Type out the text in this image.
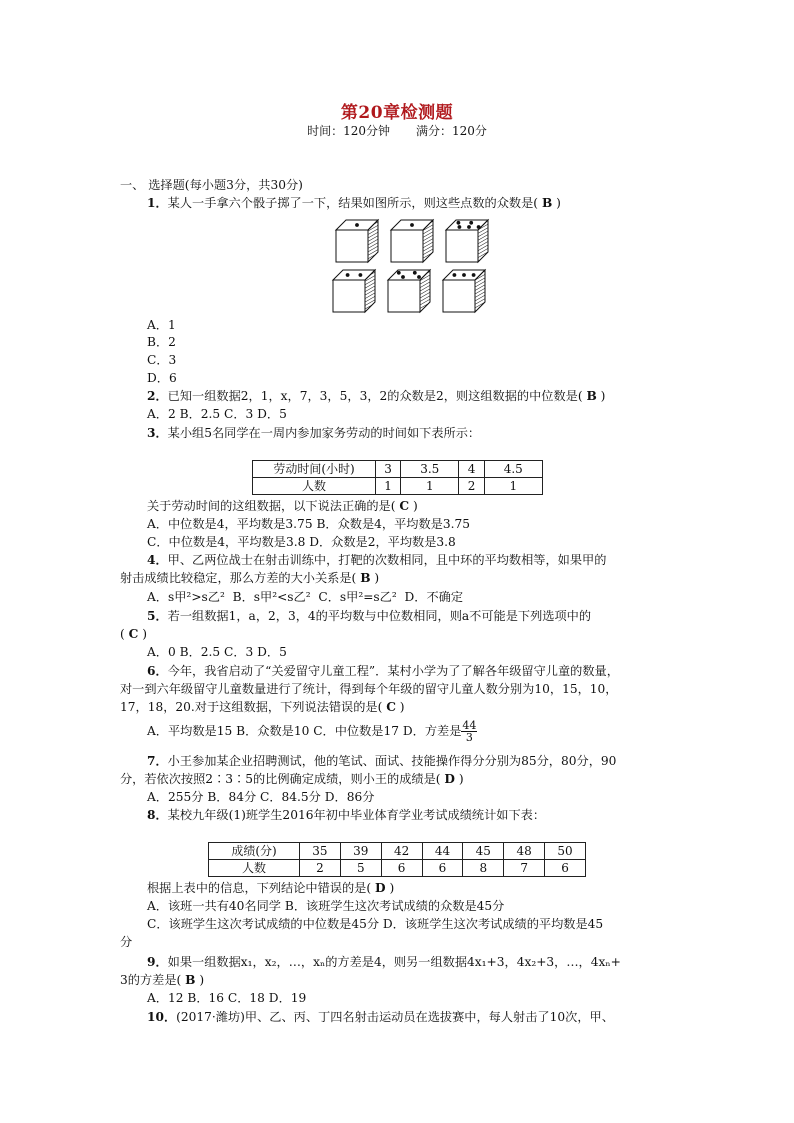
第20章检测题
时间：120分钟 满分：120分
一、 选择题(每小题3分，共30分)
1．某人一手拿六个骰子掷了一下，结果如图所示，则这些点数的众数是( B )
A．1
B．2
C．3
D．6
2．已知一组数据2，1，x，7，3，5，3，2的众数是2，则这组数据的中位数是( B )
A．2 B．2.5 C．3 D．5
3．某小组5名同学在一周内参加家务劳动的时间如下表所示：
劳动时间(小时)	3	3.5	4	4.5
人数	1	1	2	1
关于劳动时间的这组数据，以下说法正确的是( C )
A．中位数是4，平均数是3.75 B．众数是4，平均数是3.75
C．中位数是4，平均数是3.8 D．众数是2，平均数是3.8
4．甲、乙两位战士在射击训练中，打靶的次数相同，且中环的平均数相等，如果甲的
射击成绩比较稳定，那么方差的大小关系是( B )
A．s甲²>s乙² B．s甲²<s乙² C．s甲²=s乙² D．不确定
5．若一组数据1，a，2，3，4的平均数与中位数相同，则a不可能是下列选项中的
( C )
A．0 B．2.5 C．3 D．5
6．今年，我省启动了“关爱留守儿童工程”．某村小学为了了解各年级留守儿童的数量，
对一到六年级留守儿童数量进行了统计，得到每个年级的留守儿童人数分别为10，15，10，
17，18，20.对于这组数据，下列说法错误的是( C )
A．平均数是15 B．众数是10 C．中位数是17 D．方差是 $\frac{44}{3}$
7．小王参加某企业招聘测试，他的笔试、面试、技能操作得分分别为85分，80分，90
分，若依次按照2∶3∶5的比例确定成绩，则小王的成绩是( D )
A．255分 B．84分 C．84.5分 D．86分
8．某校九年级(1)班学生2016年初中毕业体育学业考试成绩统计如下表：
成绩(分)	35	39	42	44	45	48	50
人数	2	5	6	6	8	7	6
根据上表中的信息，下列结论中错误的是( D )
A．该班一共有40名同学 B．该班学生这次考试成绩的众数是45分
C．该班学生这次考试成绩的中位数是45分 D．该班学生这次考试成绩的平均数是45
分
9．如果一组数据x₁，x₂，…，xₙ的方差是4，则另一组数据4x₁+3，4x₂+3，…，4xₙ+
3的方差是( B )
A．12 B．16 C．18 D．19
10．(2017·潍坊)甲、乙、丙、丁四名射击运动员在选拔赛中，每人射击了10次，甲、
